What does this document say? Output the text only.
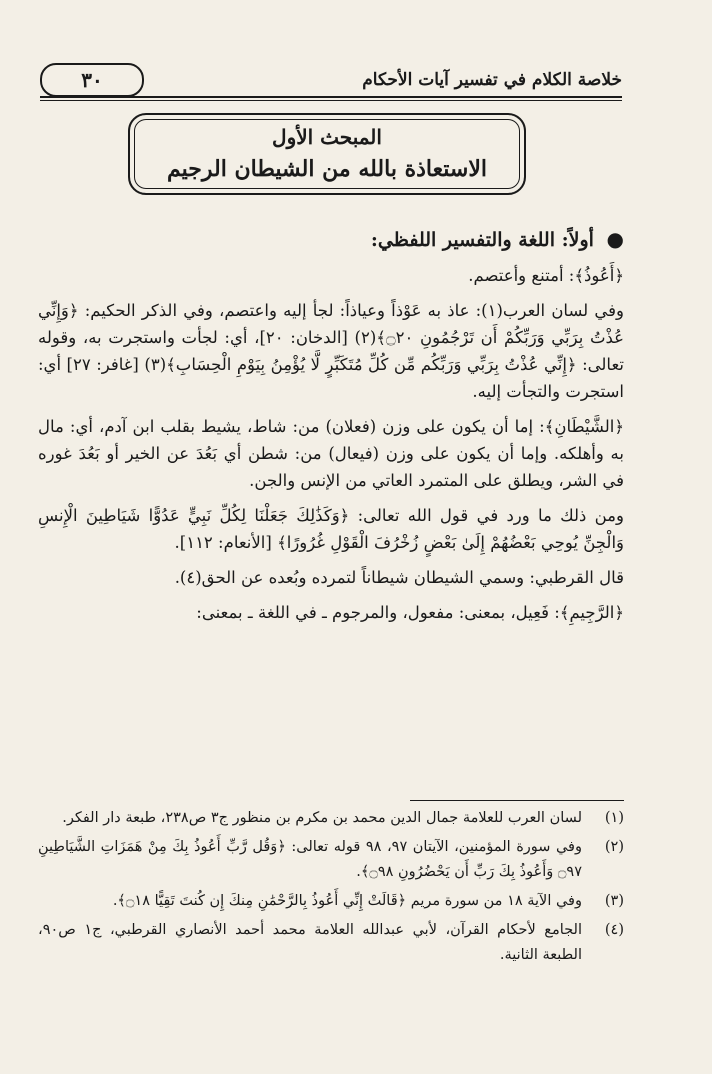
خلاصة الكلام في تفسير آيات الأحكام
٣٠
المبحث الأول
الاستعاذة بالله من الشيطان الرجيم

● أولاً: اللغة والتفسير اللفظي:

﴿أَعُوذُ﴾: أمتنع وأعتصم.

وفي لسان العرب(١): عاذ به عَوْذاً وعياذاً: لجأ إليه واعتصم، وفي الذكر الحكيم: ﴿وَإِنِّي عُذْتُ بِرَبِّي وَرَبِّكُمْ أَن تَرْجُمُونِ ۝٢٠﴾(٢) [الدخان: ٢٠]، أي: لجأت واستجرت به، وقوله تعالى: ﴿إِنِّي عُذْتُ بِرَبِّي وَرَبِّكُم مِّن كُلِّ مُتَكَبِّرٍ لَّا يُؤْمِنُ بِيَوْمِ الْحِسَابِ﴾(٣) [غافر: ٢٧] أي: استجرت والتجأت إليه.

﴿الشَّيْطَانِ﴾: إما أن يكون على وزن (فعلان) من: شاط، يشيط بقلب ابن آدم، أي: مال به وأهلكه. وإما أن يكون على وزن (فيعال) من: شطن أي بَعُدَ عن الخير أو بَعُدَ غوره في الشر، ويطلق على المتمرد العاتي من الإنس والجن.

ومن ذلك ما ورد في قول الله تعالى: ﴿وَكَذَٰلِكَ جَعَلْنَا لِكُلِّ نَبِيٍّ عَدُوًّا شَيَاطِينَ الْإِنسِ وَالْجِنِّ يُوحِي بَعْضُهُمْ إِلَىٰ بَعْضٍ زُخْرُفَ الْقَوْلِ غُرُورًا﴾ [الأنعام: ١١٢].

قال القرطبي: وسمي الشيطان شيطاناً لتمرده وبُعده عن الحق(٤).

﴿الرَّجِيمِ﴾: فَعِيل، بمعنى: مفعول، والمرجوم ـ في اللغة ـ بمعنى:

(١)
لسان العرب للعلامة جمال الدين محمد بن مكرم بن منظور ج٣ ص٢٣٨، طبعة دار الفكر.
(٢)
وفي سورة المؤمنين، الآيتان ٩٧، ٩٨ قوله تعالى: ﴿وَقُل رَّبِّ أَعُوذُ بِكَ مِنْ هَمَزَاتِ الشَّيَاطِينِ ۝٩٧ وَأَعُوذُ بِكَ رَبِّ أَن يَحْضُرُونِ ۝٩٨﴾.
(٣)
وفي الآية ١٨ من سورة مريم ﴿قَالَتْ إِنِّي أَعُوذُ بِالرَّحْمَٰنِ مِنكَ إِن كُنتَ تَقِيًّا ۝١٨﴾.
(٤)
الجامع لأحكام القرآن، لأبي عبدالله العلامة محمد أحمد الأنصاري القرطبي، ج١ ص٩٠، الطبعة الثانية.
